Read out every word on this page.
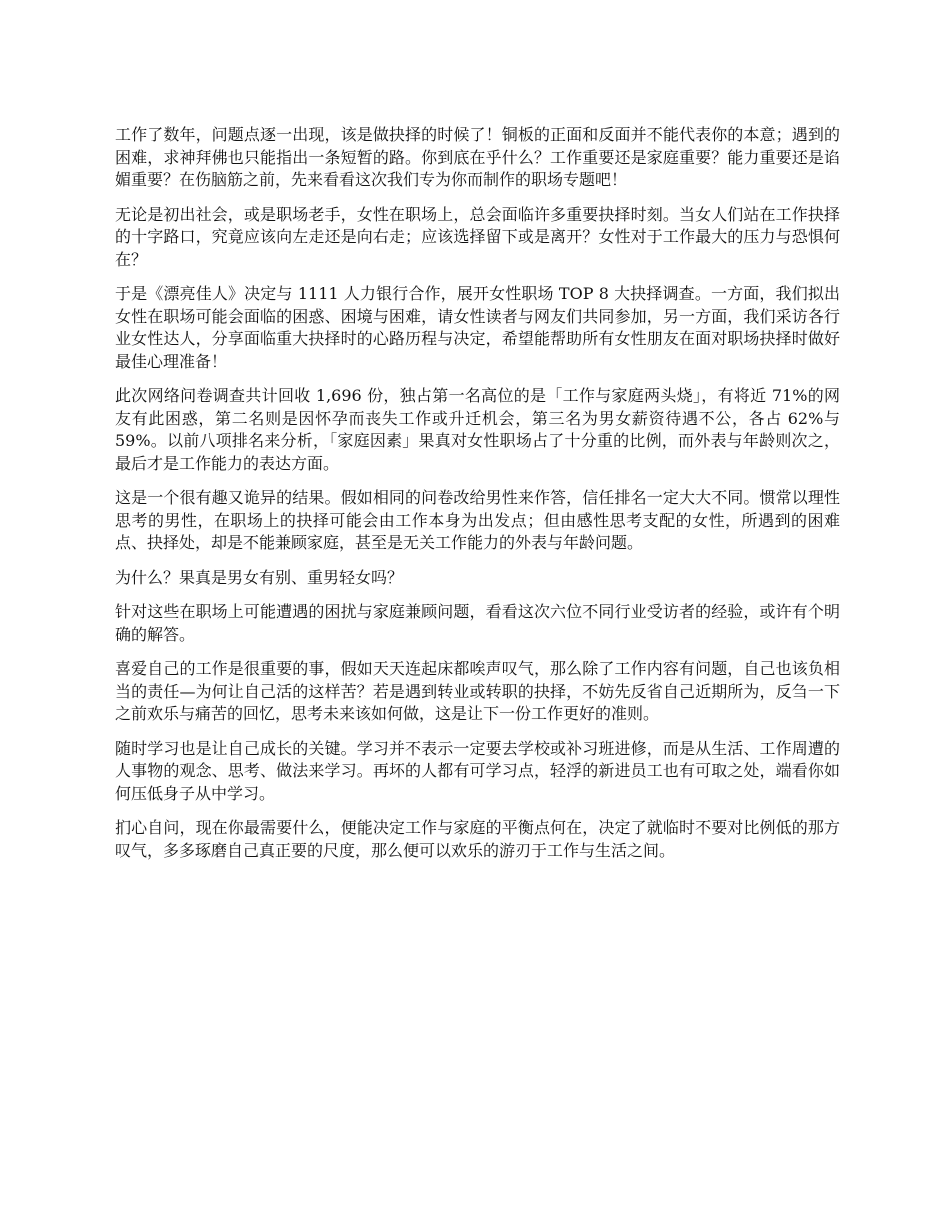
工作了数年，问题点逐一出现，该是做抉择的时候了！铜板的正面和反面并不能代表你的本意；遇到的困难，求神拜佛也只能指出一条短暂的路。你到底在乎什么？工作重要还是家庭重要？能力重要还是谄媚重要？在伤脑筋之前，先来看看这次我们专为你而制作的职场专题吧！

无论是初出社会，或是职场老手，女性在职场上，总会面临许多重要抉择时刻。当女人们站在工作抉择的十字路口，究竟应该向左走还是向右走；应该选择留下或是离开？女性对于工作最大的压力与恐惧何在？

于是《漂亮佳人》决定与 1111 人力银行合作，展开女性职场 TOP 8 大抉择调查。一方面，我们拟出女性在职场可能会面临的困惑、困境与困难，请女性读者与网友们共同参加，另一方面，我们采访各行业女性达人，分享面临重大抉择时的心路历程与决定，希望能帮助所有女性朋友在面对职场抉择时做好最佳心理准备！

此次网络问卷调查共计回收 1,696 份，独占第一名高位的是「工作与家庭两头烧」，有将近 71%的网友有此困惑，第二名则是因怀孕而丧失工作或升迁机会，第三名为男女薪资待遇不公，各占 62%与 59%。以前八项排名来分析，「家庭因素」果真对女性职场占了十分重的比例，而外表与年龄则次之，最后才是工作能力的表达方面。

这是一个很有趣又诡异的结果。假如相同的问卷改给男性来作答，信任排名一定大大不同。惯常以理性思考的男性，在职场上的抉择可能会由工作本身为出发点；但由感性思考支配的女性，所遇到的困难点、抉择处，却是不能兼顾家庭，甚至是无关工作能力的外表与年龄问题。

为什么？果真是男女有别、重男轻女吗？

针对这些在职场上可能遭遇的困扰与家庭兼顾问题，看看这次六位不同行业受访者的经验，或许有个明确的解答。

喜爱自己的工作是很重要的事，假如天天连起床都唉声叹气，那么除了工作内容有问题，自己也该负相当的责任—为何让自己活的这样苦？若是遇到转业或转职的抉择，不妨先反省自己近期所为，反刍一下之前欢乐与痛苦的回忆，思考未来该如何做，这是让下一份工作更好的准则。

随时学习也是让自己成长的关键。学习并不表示一定要去学校或补习班进修，而是从生活、工作周遭的人事物的观念、思考、做法来学习。再坏的人都有可学习点，轻浮的新进员工也有可取之处，端看你如何压低身子从中学习。

扪心自问，现在你最需要什么，便能决定工作与家庭的平衡点何在，决定了就临时不要对比例低的那方叹气，多多琢磨自己真正要的尺度，那么便可以欢乐的游刃于工作与生活之间。
